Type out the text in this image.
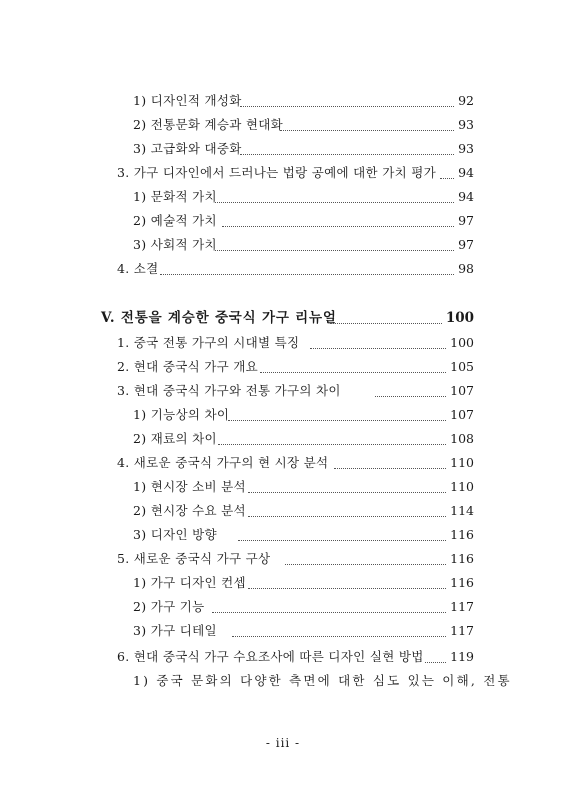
1) 디자인적 개성화	92
2) 전통문화 계승과 현대화	93
3) 고급화와 대중화	93
3. 가구 디자인에서 드러나는 법랑 공예에 대한 가치 평가	94
1) 문화적 가치	94
2) 예술적 가치	97
3) 사회적 가치	97
4. 소결	98
V. 전통을 계승한 중국식 가구 리뉴얼	100
1. 중국 전통 가구의 시대별 특징	100
2. 현대 중국식 가구 개요	105
3. 현대 중국식 가구와 전통 가구의 차이	107
1) 기능상의 차이	107
2) 재료의 차이	108
4. 새로운 중국식 가구의 현 시장 분석	110
1) 현시장 소비 분석	110
2) 현시장 수요 분석	114
3) 디자인 방향	116
5. 새로운 중국식 가구 구상	116
1) 가구 디자인 컨셉	116
2) 가구 기능	117
3) 가구 디테일	117
6. 현대 중국식 가구 수요조사에 따른 디자인 실현 방법	119
1) 중국 문화의 다양한 측면에 대한 심도 있는 이해, 전통
- iii -
